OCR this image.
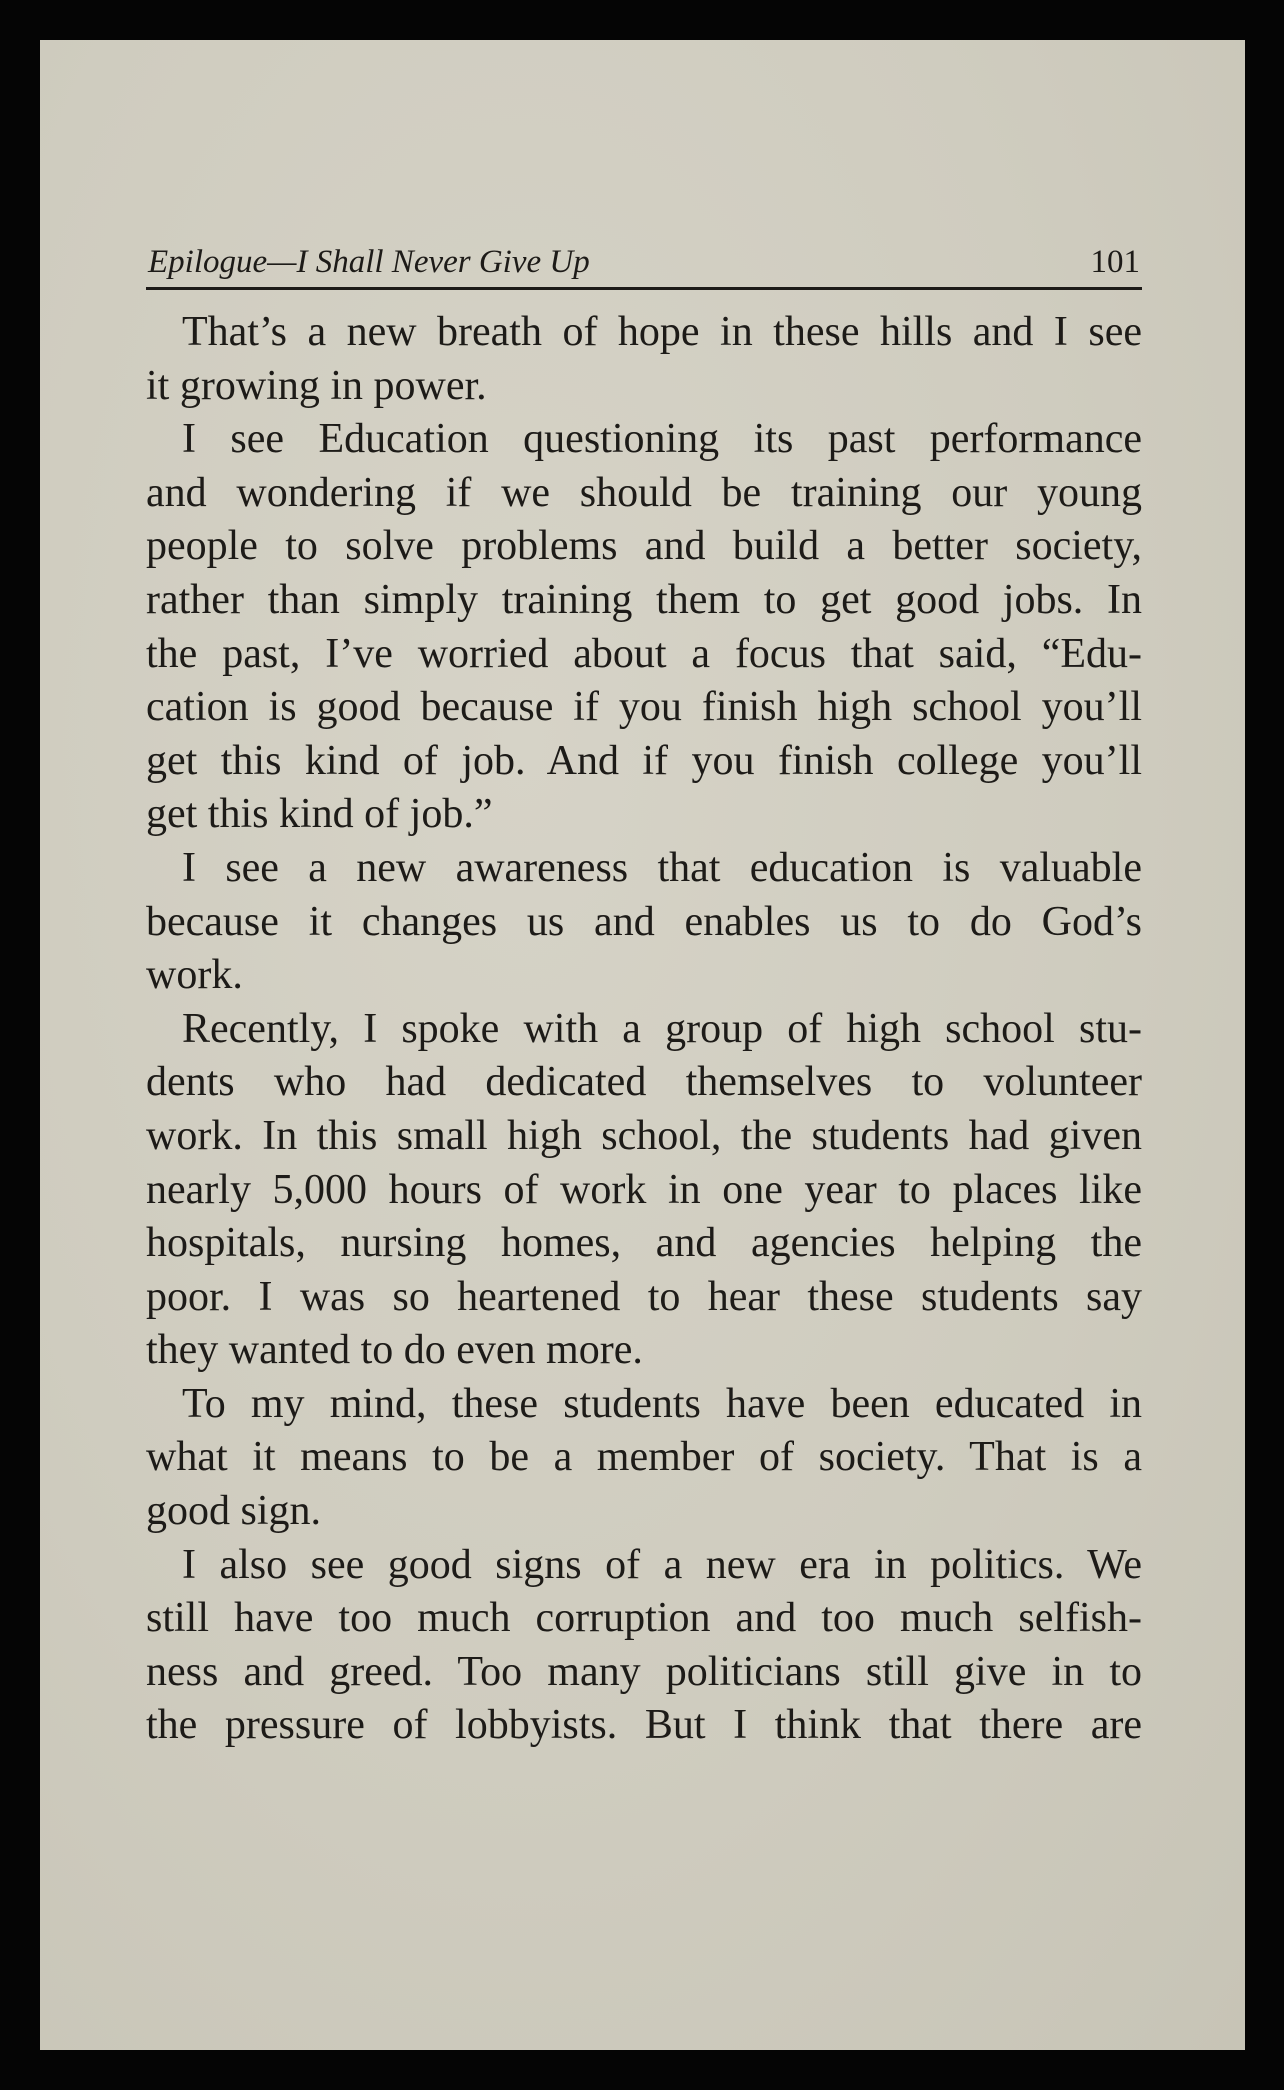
Epilogue—I Shall Never Give Up	101
That’s a new breath of hope in these hills and I see
it growing in power.
I see Education questioning its past performance
and wondering if we should be training our young
people to solve problems and build a better society,
rather than simply training them to get good jobs. In
the past, I’ve worried about a focus that said, “Edu-
cation is good because if you finish high school you’ll
get this kind of job. And if you finish college you’ll
get this kind of job.”
I see a new awareness that education is valuable
because it changes us and enables us to do God’s
work.
Recently, I spoke with a group of high school stu-
dents who had dedicated themselves to volunteer
work. In this small high school, the students had given
nearly 5,000 hours of work in one year to places like
hospitals, nursing homes, and agencies helping the
poor. I was so heartened to hear these students say
they wanted to do even more.
To my mind, these students have been educated in
what it means to be a member of society. That is a
good sign.
I also see good signs of a new era in politics. We
still have too much corruption and too much selfish-
ness and greed. Too many politicians still give in to
the pressure of lobbyists. But I think that there are
